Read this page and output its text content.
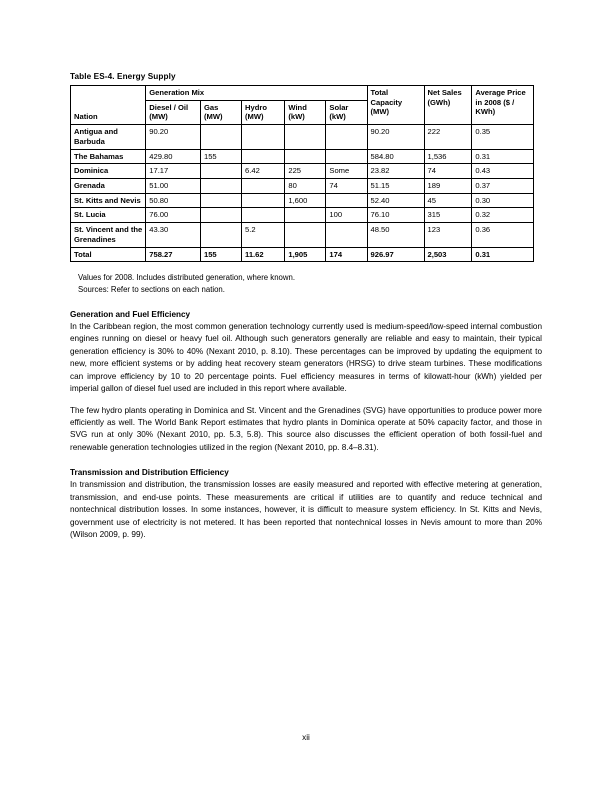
Table ES-4. Energy Supply
Nation	Generation Mix					Total Capacity (MW)	Net Sales (GWh)	Average Price in 2008 ($ / KWh)
	Diesel / Oil (MW)	Gas (MW)	Hydro (MW)	Wind (kW)	Solar (kW)			
Antigua and Barbuda	90.20					90.20	222	0.35
The Bahamas	429.80	155				584.80	1,536	0.31
Dominica	17.17		6.42	225	Some	23.82	74	0.43
Grenada	51.00			80	74	51.15	189	0.37
St. Kitts and Nevis	50.80			1,600		52.40	45	0.30
St. Lucia	76.00				100	76.10	315	0.32
St. Vincent and the Grenadines	43.30		5.2			48.50	123	0.36
Total	758.27	155	11.62	1,905	174	926.97	2,503	0.31
Values for 2008. Includes distributed generation, where known.
Sources: Refer to sections on each nation.
Generation and Fuel Efficiency

In the Caribbean region, the most common generation technology currently used is medium-speed/low-speed internal combustion engines running on diesel or heavy fuel oil. Although such generators generally are reliable and easy to maintain, their typical generation efficiency is 30% to 40% (Nexant 2010, p. 8.10). These percentages can be improved by updating the equipment to new, more efficient systems or by adding heat recovery steam generators (HRSG) to drive steam turbines. These modifications can improve efficiency by 10 to 20 percentage points. Fuel efficiency measures in terms of kilowatt-hour (kWh) yielded per imperial gallon of diesel fuel used are included in this report where available.

The few hydro plants operating in Dominica and St. Vincent and the Grenadines (SVG) have opportunities to produce power more efficiently as well. The World Bank Report estimates that hydro plants in Dominica operate at 50% capacity factor, and those in SVG run at only 30% (Nexant 2010, pp. 5.3, 5.8). This source also discusses the efficient operation of both fossil-fuel and renewable generation technologies utilized in the region (Nexant 2010, pp. 8.4–8.31).

Transmission and Distribution Efficiency

In transmission and distribution, the transmission losses are easily measured and reported with effective metering at generation, transmission, and end-use points. These measurements are critical if utilities are to quantify and reduce technical and nontechnical distribution losses. In some instances, however, it is difficult to measure system efficiency. In St. Kitts and Nevis, government use of electricity is not metered. It has been reported that nontechnical losses in Nevis amount to more than 20% (Wilson 2009, p. 99).

xii
